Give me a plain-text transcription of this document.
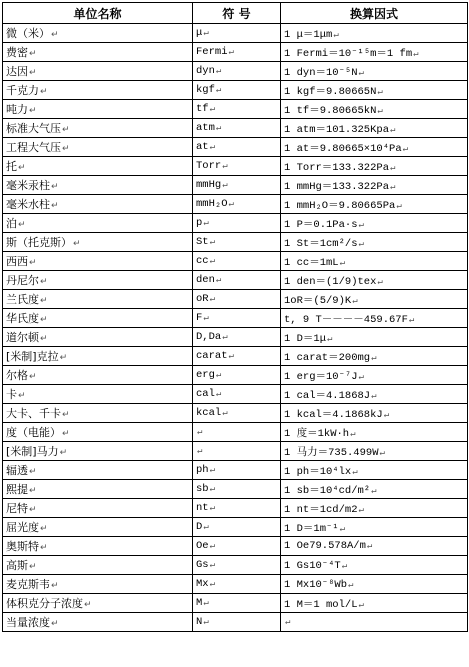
单位名称	符 号	换算因式
微（米）↵	μ↵	1 μ＝1μm↵
费密↵	Fermi↵	1 Fermi＝10⁻¹⁵m＝1 fm↵
达因↵	dyn↵	1 dyn＝10⁻⁵N↵
千克力↵	kgf↵	1 kgf＝9.80665N↵
吨力↵	tf↵	1 tf＝9.80665kN↵
标准大气压↵	atm↵	1 atm＝101.325Kpa↵
工程大气压↵	at↵	1 at＝9.80665×10⁴Pa↵
托↵	Torr↵	1 Torr＝133.322Pa↵
毫米汞柱↵	mmHg↵	1 mmHg＝133.322Pa↵
毫米水柱↵	mmH₂O↵	1 mmH₂O＝9.80665Pa↵
泊↵	p↵	1 P＝0.1Pa·s↵
斯（托克斯）↵	St↵	1 St＝1cm²/s↵
西西↵	cc↵	1 cc＝1mL↵
丹尼尔↵	den↵	1 den＝(1/9)tex↵
兰氏度↵	oR↵	1oR＝(5/9)K↵
华氏度↵	F↵	t, 9 T－－－－459.67F↵
道尔顿↵	D,Da↵	1 D＝1μ↵
[米制]克拉↵	carat↵	1 carat＝200mg↵
尔格↵	erg↵	1 erg＝10⁻⁷J↵
卡↵	cal↵	1 cal＝4.1868J↵
大卡、千卡↵	kcal↵	1 kcal＝4.1868kJ↵
度（电能）↵	↵	1 度＝1kW·h↵
[米制]马力↵	↵	1 马力＝735.499W↵
辐透↵	ph↵	1 ph＝10⁴lx↵
熙提↵	sb↵	1 sb＝10⁴cd/m²↵
尼特↵	nt↵	1 nt＝1cd/m2↵
屈光度↵	D↵	1 D＝1m⁻¹↵
奥斯特↵	Oe↵	1 Oe79.578A/m↵
高斯↵	Gs↵	1 Gs10⁻⁴T↵
麦克斯韦↵	Mx↵	1 Mx10⁻⁸Wb↵
体积克分子浓度↵	M↵	1 M＝1 mol/L↵
当量浓度↵	N↵	↵
